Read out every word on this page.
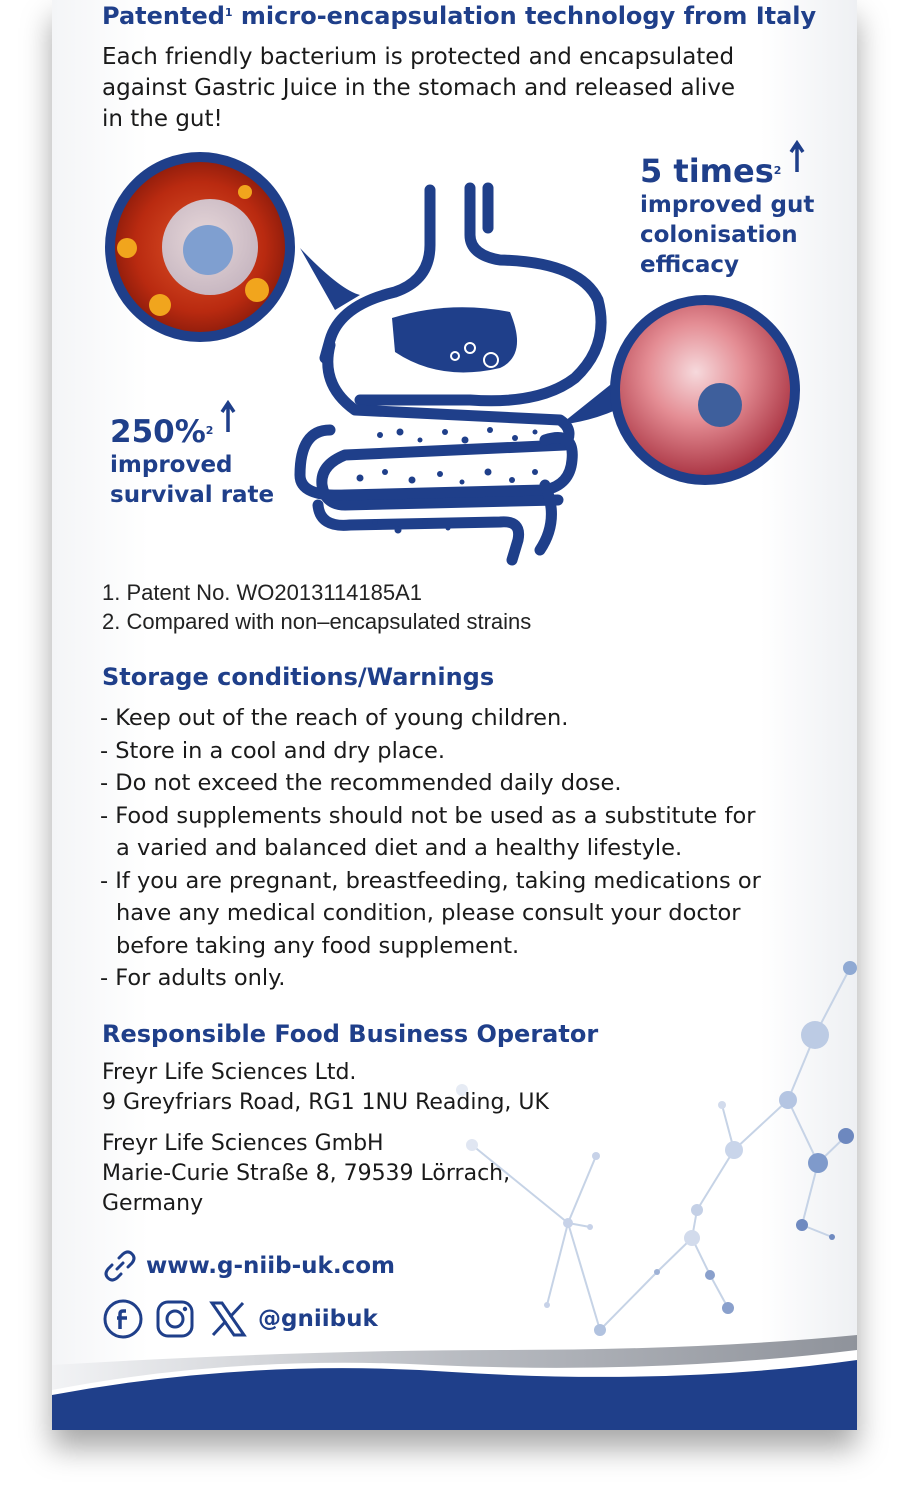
Patented$^1$ micro-encapsulation technology from Italy
Each friendly bacterium is protected and encapsulated
against Gastric Juice in the stomach and released alive
in the gut!
5 times$^2$
improved gut
colonisation
efficacy
250%$^2$
improved
survival rate
1. Patent No. WO2013114185A1
2. Compared with non–encapsulated strains
Storage conditions/Warnings
- Keep out of the reach of young children.
- Store in a cool and dry place.
- Do not exceed the recommended daily dose.
- Food supplements should not be used as a substitute for
a varied and balanced diet and a healthy lifestyle.
- If you are pregnant, breastfeeding, taking medications or
have any medical condition, please consult your doctor
before taking any food supplement.
- For adults only.
Responsible Food Business Operator
Freyr Life Sciences Ltd.
9 Greyfriars Road, RG1 1NU Reading, UK
Freyr Life Sciences GmbH
Marie-Curie Straße 8, 79539 Lörrach,
Germany
www.g-niib-uk.com
@gniibuk
